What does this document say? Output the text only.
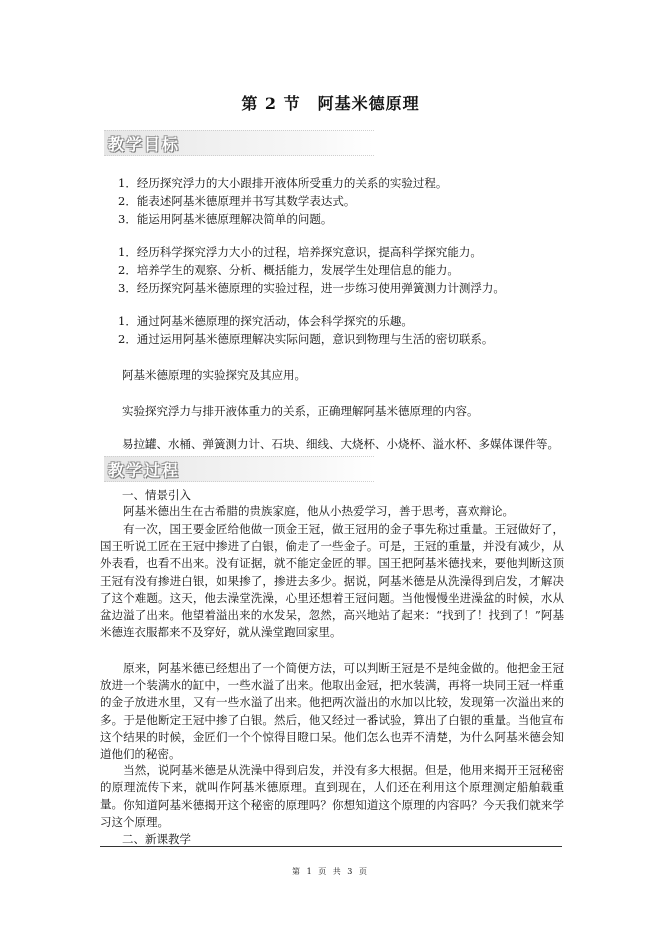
第 2 节　阿基米德原理
教学目标
1．经历探究浮力的大小跟排开液体所受重力的关系的实验过程。
2．能表述阿基米德原理并书写其数学表达式。
3．能运用阿基米德原理解决简单的问题。
1．经历科学探究浮力大小的过程，培养探究意识，提高科学探究能力。
2．培养学生的观察、分析、概括能力，发展学生处理信息的能力。
3．经历探究阿基米德原理的实验过程，进一步练习使用弹簧测力计测浮力。
1．通过阿基米德原理的探究活动，体会科学探究的乐趣。
2．通过运用阿基米德原理解决实际问题，意识到物理与生活的密切联系。
阿基米德原理的实验探究及其应用。
实验探究浮力与排开液体重力的关系，正确理解阿基米德原理的内容。
易拉罐、水桶、弹簧测力计、石块、细线、大烧杯、小烧杯、溢水杯、多媒体课件等。
教学过程
一、情景引入
阿基米德出生在古希腊的贵族家庭，他从小热爱学习，善于思考，喜欢辩论。
有一次，国王要金匠给他做一顶金王冠，做王冠用的金子事先称过重量。王冠做好了，国王听说工匠在王冠中掺进了白银，偷走了一些金子。可是，王冠的重量，并没有减少，从外表看，也看不出来。没有证据，就不能定金匠的罪。国王把阿基米德找来，要他判断这顶王冠有没有掺进白银，如果掺了，掺进去多少。据说，阿基米德是从洗澡得到启发，才解决了这个难题。这天，他去澡堂洗澡，心里还想着王冠问题。当他慢慢坐进澡盆的时候，水从盆边溢了出来。他望着溢出来的水发呆，忽然，高兴地站了起来：“找到了！找到了！”阿基米德连衣服都来不及穿好，就从澡堂跑回家里。
原来，阿基米德已经想出了一个简便方法，可以判断王冠是不是纯金做的。他把金王冠放进一个装满水的缸中，一些水溢了出来。他取出金冠，把水装满，再将一块同王冠一样重的金子放进水里，又有一些水溢了出来。他把两次溢出的水加以比较，发现第一次溢出来的多。于是他断定王冠中掺了白银。然后，他又经过一番试验，算出了白银的重量。当他宣布这个结果的时候，金匠们一个个惊得目瞪口呆。他们怎么也弄不清楚，为什么阿基米德会知道他们的秘密。
当然，说阿基米德是从洗澡中得到启发，并没有多大根据。但是，他用来揭开王冠秘密的原理流传下来，就叫作阿基米德原理。直到现在，人们还在利用这个原理测定船舶载重量。 你知道阿基米德揭开这个秘密的原理吗？你想知道这个原理的内容吗？今天我们就来学习这个原理。
二、新课教学
第 1 页 共 3 页
